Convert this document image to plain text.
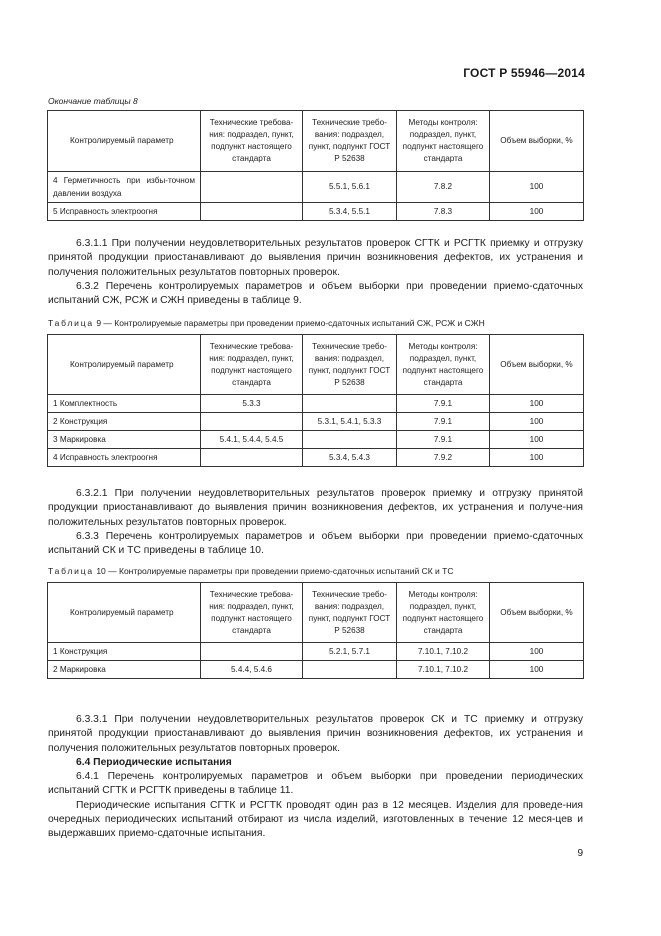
ГОСТ Р 55946—2014
Окончание таблицы 8
Контролируемый параметр	Технические требова-ния: подраздел, пункт, подпункт настоящего стандарта	Технические требо-вания: подраздел, пункт, подпункт ГОСТ Р 52638	Методы контроля: подраздел, пункт, подпункт настоящего стандарта	Объем выборки, %
4 Герметичность при избы-точном давлении воздуха		5.5.1, 5.6.1	7.8.2	100
5 Исправность электроогня		5.3.4, 5.5.1	7.8.3	100

6.3.1.1 При получении неудовлетворительных результатов проверок СГТК и РСГТК приемку и отгрузку принятой продукции приостанавливают до выявления причин возникновения дефектов, их устранения и получения положительных результатов повторных проверок.

6.3.2 Перечень контролируемых параметров и объем выборки при проведении приемо-сдаточных испытаний СЖ, РСЖ и СЖН приведены в таблице 9.

Таблица 9 — Контролируемые параметры при проведении приемо-сдаточных испытаний СЖ, РСЖ и СЖН
Контролируемый параметр	Технические требова-ния: подраздел, пункт, подпункт настоящего стандарта	Технические требо-вания: подраздел, пункт, подпункт ГОСТ Р 52638	Методы контроля: подраздел, пункт, подпункт настоящего стандарта	Объем выборки, %
1 Комплектность	5.3.3		7.9.1	100
2 Конструкция		5.3.1, 5.4.1, 5.3.3	7.9.1	100
3 Маркировка	5.4.1, 5.4.4, 5.4.5		7.9.1	100
4 Исправность электроогня		5.3.4, 5.4.3	7.9.2	100

6.3.2.1 При получении неудовлетворительных результатов проверок приемку и отгрузку принятой продукции приостанавливают до выявления причин возникновения дефектов, их устранения и получе-ния положительных результатов повторных проверок.

6.3.3 Перечень контролируемых параметров и объем выборки при проведении приемо-сдаточных испытаний СК и ТС приведены в таблице 10.

Таблица 10 — Контролируемые параметры при проведении приемо-сдаточных испытаний СК и ТС
Контролируемый параметр	Технические требова-ния: подраздел, пункт, подпункт настоящего стандарта	Технические требо-вания: подраздел, пункт, подпункт ГОСТ Р 52638	Методы контроля: подраздел, пункт, подпункт настоящего стандарта	Объем выборки, %
1 Конструкция		5.2.1, 5.7.1	7.10.1, 7.10.2	100
2 Маркировка	5.4.4, 5.4.6		7.10.1, 7.10.2	100

6.3.3.1 При получении неудовлетворительных результатов проверок СК и ТС приемку и отгрузку принятой продукции приостанавливают до выявления причин возникновения дефектов, их устранения и получения положительных результатов повторных проверок.

6.4 Периодические испытания

6.4.1 Перечень контролируемых параметров и объем выборки при проведении периодических испытаний СГТК и РСГТК приведены в таблице 11.

Периодические испытания СГТК и РСГТК проводят один раз в 12 месяцев. Изделия для проведе-ния очередных периодических испытаний отбирают из числа изделий, изготовленных в течение 12 меся-цев и выдержавших приемо-сдаточные испытания.

9
